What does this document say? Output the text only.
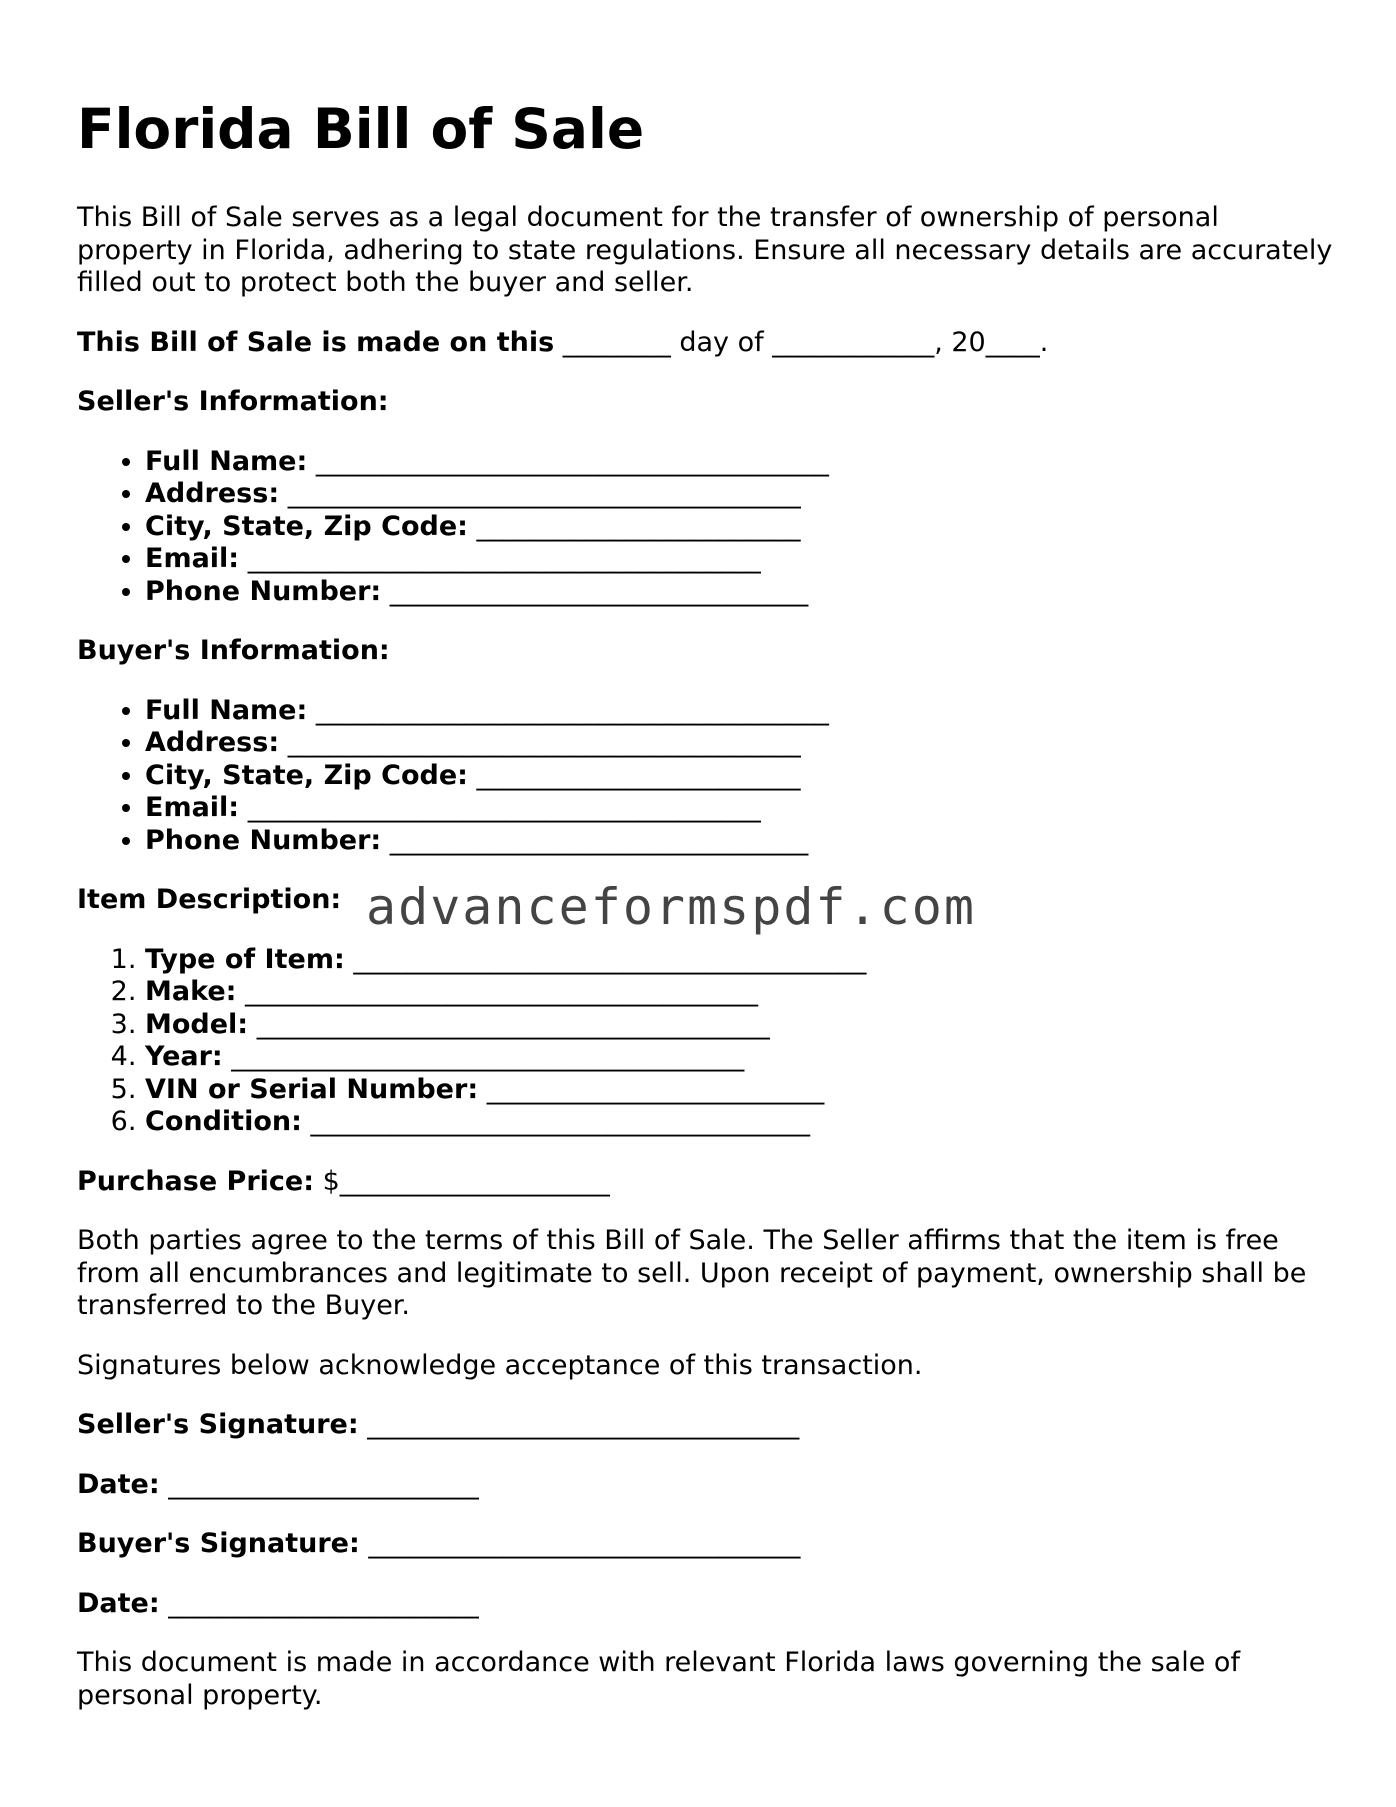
Florida Bill of Sale

This Bill of Sale serves as a legal document for the transfer of ownership of personal property in Florida, adhering to state regulations. Ensure all necessary details are accurately filled out to protect both the buyer and seller.

This Bill of Sale is made on this ________ day of ____________, 20____.

Seller's Information:
• Full Name: ______________________________________
• Address: ______________________________________
• City, State, Zip Code: ________________________
• Email: ______________________________________
• Phone Number: _______________________________
Buyer's Information:
• Full Name: ______________________________________
• Address: ______________________________________
• City, State, Zip Code: ________________________
• Email: ______________________________________
• Phone Number: _______________________________
Item Description:
1. Type of Item: ______________________________________
2. Make: ______________________________________
3. Model: ______________________________________
4. Year: ______________________________________
5. VIN or Serial Number: _________________________
6. Condition: _____________________________________

Purchase Price: $____________________

Both parties agree to the terms of this Bill of Sale. The Seller affirms that the item is free from all encumbrances and legitimate to sell. Upon receipt of payment, ownership shall be transferred to the Buyer.

Signatures below acknowledge acceptance of this transaction.

Seller's Signature: ________________________________

Date: _______________________

Buyer's Signature: ________________________________

Date: _______________________

This document is made in accordance with relevant Florida laws governing the sale of personal property.

advanceformspdf.com
